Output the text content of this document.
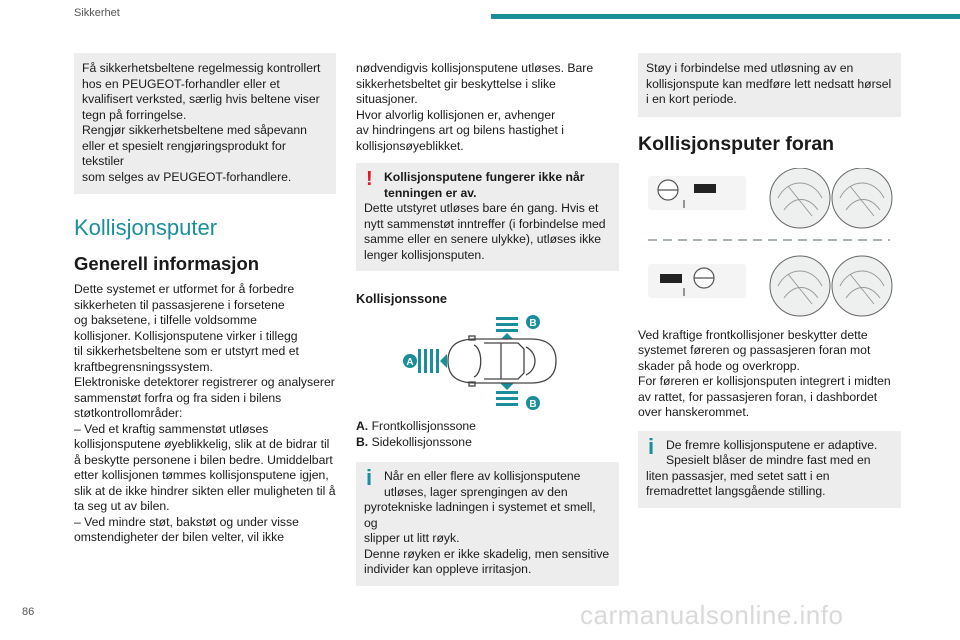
Sikkerhet

Få sikkerhetsbeltene regelmessig kontrollert

hos en PEUGEOT-forhandler eller et

kvalifisert verksted, særlig hvis beltene viser

tegn på forringelse.

Rengjør sikkerhetsbeltene med såpevann

eller et spesielt rengjøringsprodukt for tekstiler

som selges av PEUGEOT-forhandlere.

Kollisjonsputer
Generell informasjon

Dette systemet er utformet for å forbedre

sikkerheten til passasjerene i forsetene

og baksetene, i tilfelle voldsomme

kollisjoner. Kollisjonsputene virker i tillegg

til sikkerhetsbeltene som er utstyrt med et

kraftbegrensningssystem.

Elektroniske detektorer registrerer og analyserer

sammenstøt forfra og fra siden i bilens

støtkontrollområder:

– Ved et kraftig sammenstøt utløses

kollisjonsputene øyeblikkelig, slik at de bidrar til

å beskytte personene i bilen bedre. Umiddelbart

etter kollisjonen tømmes kollisjonsputene igjen,

slik at de ikke hindrer sikten eller muligheten til å

ta seg ut av bilen.

– Ved mindre støt, bakstøt og under visse

omstendigheter der bilen velter, vil ikke

nødvendigvis kollisjonsputene utløses. Bare

sikkerhetsbeltet gir beskyttelse i slike situasjoner.

Hvor alvorlig kollisjonen er, avhenger

av hindringens art og bilens hastighet i

kollisjonsøyeblikket.

! Kollisjonsputene fungerer ikke når

tenningen er av.

Dette utstyret utløses bare én gang. Hvis et

nytt sammenstøt inntreffer (i forbindelse med

samme eller en senere ulykke), utløses ikke

lenger kollisjonsputen.

Kollisjonssone
A
B
B
A. Frontkollisjonssone
B. Sidekollisjonssone
i Når en eller flere av kollisjonsputene

utløses, lager sprengingen av den

pyrotekniske ladningen i systemet et smell, og

slipper ut litt røyk.

Denne røyken er ikke skadelig, men sensitive

individer kan oppleve irritasjon.

Støy i forbindelse med utløsning av en

kollisjonspute kan medføre lett nedsatt hørsel

i en kort periode.

Kollisjonsputer foran

Ved kraftige frontkollisjoner beskytter dette

systemet føreren og passasjeren foran mot

skader på hode og overkropp.

For føreren er kollisjonsputen integrert i midten

av rattet, for passasjeren foran, i dashbordet

over hanskerommet.

i De fremre kollisjonsputene er adaptive.

Spesielt blåser de mindre fast med en

liten passasjer, med setet satt i en

fremadrettet langsgående stilling.

86	carmanualsonline.info
